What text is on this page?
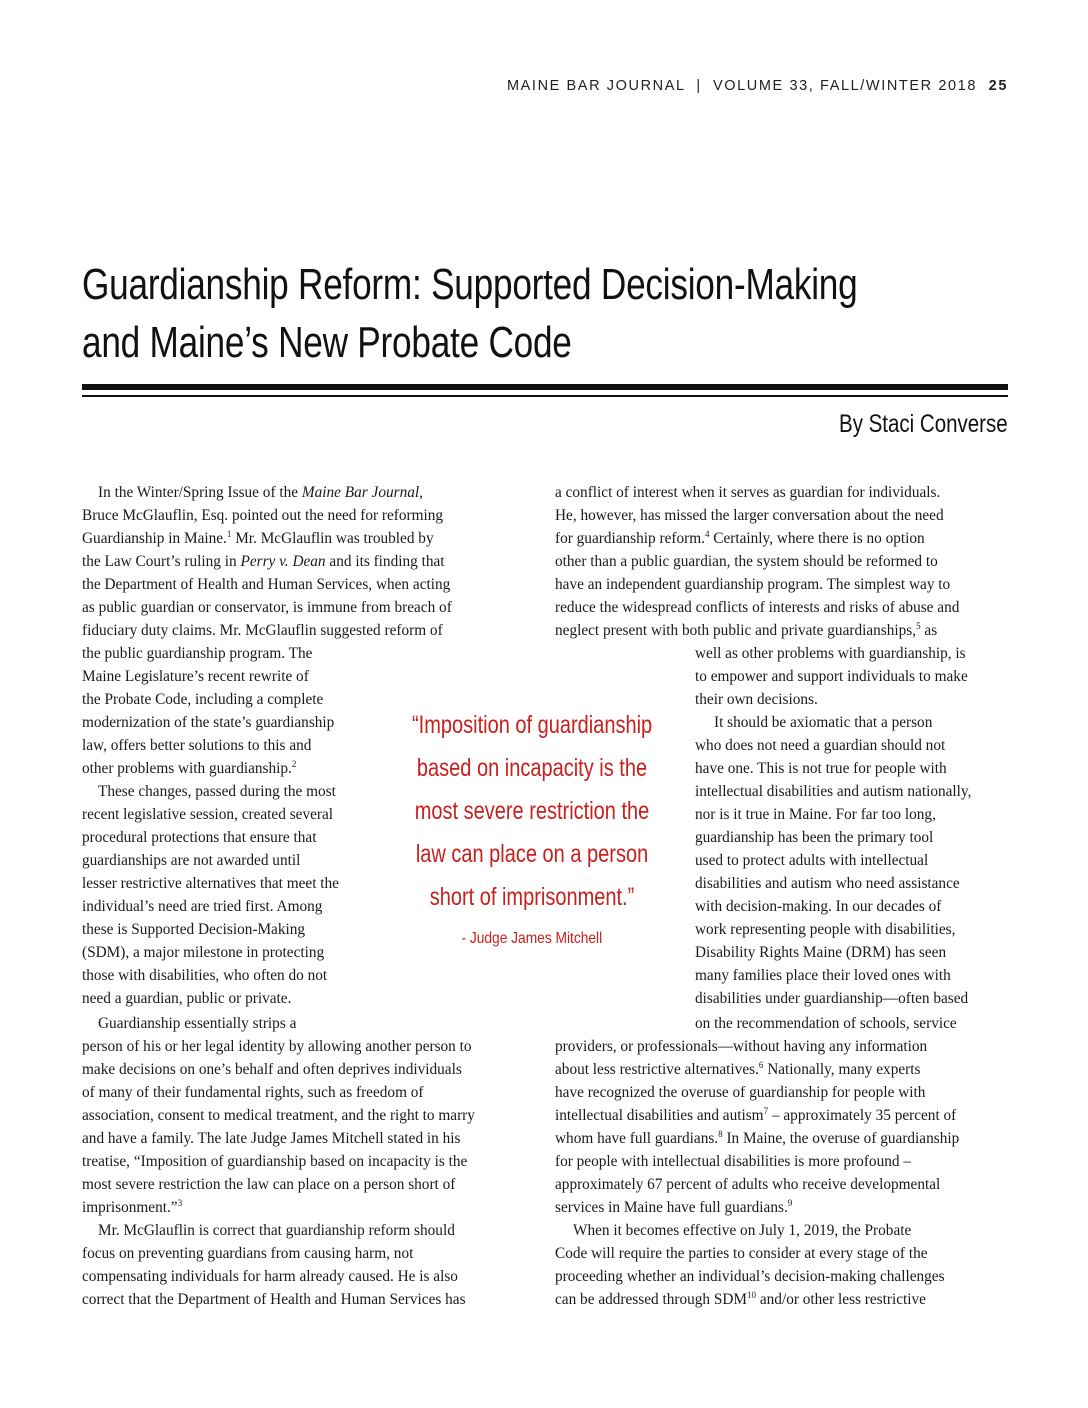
MAINE BAR JOURNAL  |  VOLUME 33, FALL/WINTER 2018 25
Guardianship Reform: Supported Decision-Making
and Maine’s New Probate Code
By Staci Converse
In the Winter/Spring Issue of the Maine Bar Journal,
Bruce McGlauflin, Esq. pointed out the need for reforming
Guardianship in Maine.$^1$ Mr. McGlauflin was troubled by
the Law Court’s ruling in Perry v. Dean and its finding that
the Department of Health and Human Services, when acting
as public guardian or conservator, is immune from breach of
fiduciary duty claims. Mr. McGlauflin suggested reform of
the public guardianship program. The
Maine Legislature’s recent rewrite of
the Probate Code, including a complete
modernization of the state’s guardianship
law, offers better solutions to this and
other problems with guardianship.$^2$
These changes, passed during the most
recent legislative session, created several
procedural protections that ensure that
guardianships are not awarded until
lesser restrictive alternatives that meet the
individual’s need are tried first. Among
these is Supported Decision-Making
(SDM), a major milestone in protecting
those with disabilities, who often do not
need a guardian, public or private.
Guardianship essentially strips a
person of his or her legal identity by allowing another person to
make decisions on one’s behalf and often deprives individuals
of many of their fundamental rights, such as freedom of
association, consent to medical treatment, and the right to marry
and have a family. The late Judge James Mitchell stated in his
treatise, “Imposition of guardianship based on incapacity is the
most severe restriction the law can place on a person short of
imprisonment.”$^3$
Mr. McGlauflin is correct that guardianship reform should
focus on preventing guardians from causing harm, not
compensating individuals for harm already caused. He is also
correct that the Department of Health and Human Services has
“Imposition of guardianship
based on incapacity is the
most severe restriction the
law can place on a person
short of imprisonment.”
- Judge James Mitchell
a conflict of interest when it serves as guardian for individuals.
He, however, has missed the larger conversation about the need
for guardianship reform.$^4$ Certainly, where there is no option
other than a public guardian, the system should be reformed to
have an independent guardianship program. The simplest way to
reduce the widespread conflicts of interests and risks of abuse and
neglect present with both public and private guardianships,$^5$ as
well as other problems with guardianship, is
to empower and support individuals to make
their own decisions.
It should be axiomatic that a person
who does not need a guardian should not
have one. This is not true for people with
intellectual disabilities and autism nationally,
nor is it true in Maine. For far too long,
guardianship has been the primary tool
used to protect adults with intellectual
disabilities and autism who need assistance
with decision-making. In our decades of
work representing people with disabilities,
Disability Rights Maine (DRM) has seen
many families place their loved ones with
disabilities under guardianship—often based
on the recommendation of schools, service
providers, or professionals—without having any information
about less restrictive alternatives.$^6$ Nationally, many experts
have recognized the overuse of guardianship for people with
intellectual disabilities and autism$^7$ – approximately 35 percent of
whom have full guardians.$^8$ In Maine, the overuse of guardianship
for people with intellectual disabilities is more profound –
approximately 67 percent of adults who receive developmental
services in Maine have full guardians.$^9$
When it becomes effective on July 1, 2019, the Probate
Code will require the parties to consider at every stage of the
proceeding whether an individual’s decision-making challenges
can be addressed through SDM$^{10}$ and/or other less restrictive
